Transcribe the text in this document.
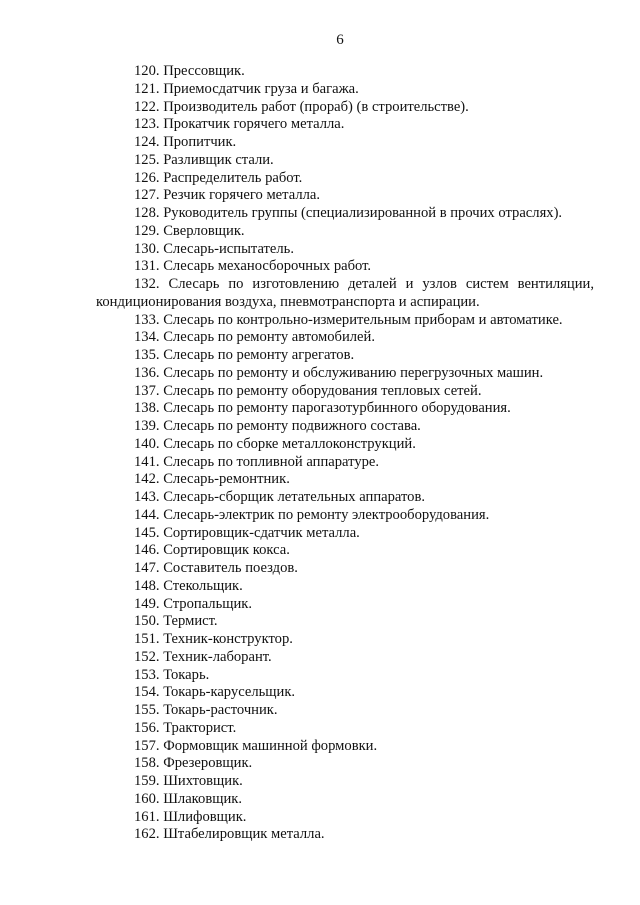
6
120. Прессовщик.
121. Приемосдатчик груза и багажа.
122. Производитель работ (прораб) (в строительстве).
123. Прокатчик горячего металла.
124. Пропитчик.
125. Разливщик стали.
126. Распределитель работ.
127. Резчик горячего металла.
128. Руководитель группы (специализированной в прочих отраслях).
129. Сверловщик.
130. Слесарь-испытатель.
131. Слесарь механосборочных работ.
132. Слесарь по изготовлению деталей и узлов систем вентиляции, кондиционирования воздуха, пневмотранспорта и аспирации.
133. Слесарь по контрольно-измерительным приборам и автоматике.
134. Слесарь по ремонту автомобилей.
135. Слесарь по ремонту агрегатов.
136. Слесарь по ремонту и обслуживанию перегрузочных машин.
137. Слесарь по ремонту оборудования тепловых сетей.
138. Слесарь по ремонту парогазотурбинного оборудования.
139. Слесарь по ремонту подвижного состава.
140. Слесарь по сборке металлоконструкций.
141. Слесарь по топливной аппаратуре.
142. Слесарь-ремонтник.
143. Слесарь-сборщик летательных аппаратов.
144. Слесарь-электрик по ремонту электрооборудования.
145. Сортировщик-сдатчик металла.
146. Сортировщик кокса.
147. Составитель поездов.
148. Стекольщик.
149. Стропальщик.
150. Термист.
151. Техник-конструктор.
152. Техник-лаборант.
153. Токарь.
154. Токарь-карусельщик.
155. Токарь-расточник.
156. Тракторист.
157. Формовщик машинной формовки.
158. Фрезеровщик.
159. Шихтовщик.
160. Шлаковщик.
161. Шлифовщик.
162. Штабелировщик металла.
